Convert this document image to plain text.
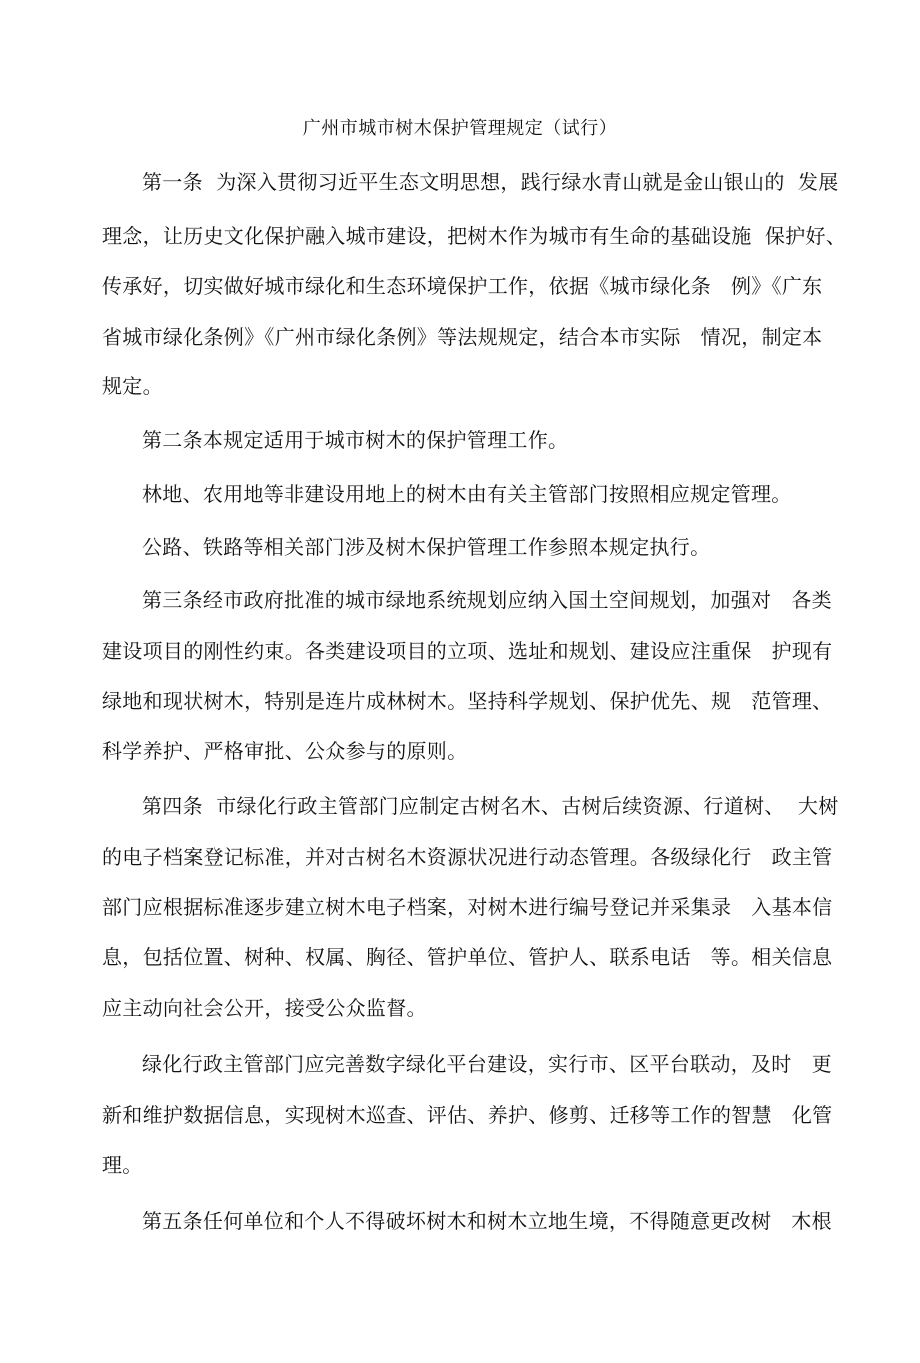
广州市城市树木保护管理规定（试行）
第一条  为深入贯彻习近平生态文明思想，践行绿水青山就是金山银山的  发展
理念，让历史文化保护融入城市建设，把树木作为城市有生命的基础设施  保护好、
传承好，切实做好城市绿化和生态环境保护工作，依据《城市绿化条   例》《广东
省城市绿化条例》《广州市绿化条例》等法规规定，结合本市实际   情况，制定本
规定。
第二条本规定适用于城市树木的保护管理工作。
林地、农用地等非建设用地上的树木由有关主管部门按照相应规定管理。
公路、铁路等相关部门涉及树木保护管理工作参照本规定执行。
第三条经市政府批准的城市绿地系统规划应纳入国土空间规划，加强对   各类
建设项目的刚性约束。各类建设项目的立项、选址和规划、建设应注重保   护现有
绿地和现状树木，特别是连片成林树木。坚持科学规划、保护优先、规   范管理、
科学养护、严格审批、公众参与的原则。
第四条  市绿化行政主管部门应制定古树名木、古树后续资源、行道树、  大树
的电子档案登记标准，并对古树名木资源状况进行动态管理。各级绿化行   政主管
部门应根据标准逐步建立树木电子档案，对树木进行编号登记并采集录   入基本信
息，包括位置、树种、权属、胸径、管护单位、管护人、联系电话   等。相关信息
应主动向社会公开，接受公众监督。
绿化行政主管部门应完善数字绿化平台建设，实行市、区平台联动，及时   更
新和维护数据信息，实现树木巡查、评估、养护、修剪、迁移等工作的智慧   化管
理。
第五条任何单位和个人不得破坏树木和树木立地生境，不得随意更改树   木根
